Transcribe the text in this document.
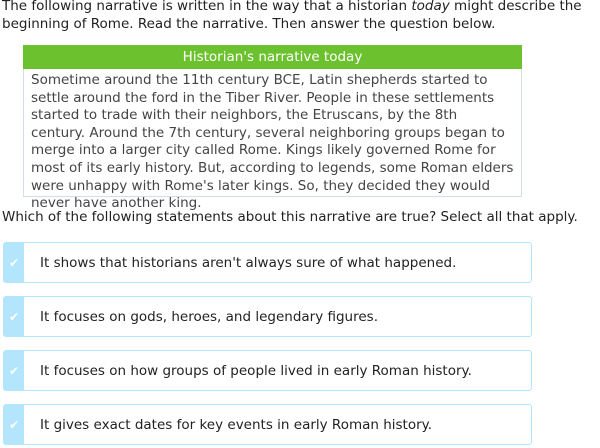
The following narrative is written in the way that a historian today might describe the beginning of Rome. Read the narrative. Then answer the question below.
Historian's narrative today
Sometime around the 11th century BCE, Latin shepherds started to settle around the ford in the Tiber River. People in these settlements started to trade with their neighbors, the Etruscans, by the 8th century. Around the 7th century, several neighboring groups began to merge into a larger city called Rome. Kings likely governed Rome for most of its early history. But, according to legends, some Roman elders were unhappy with Rome's later kings. So, they decided they would never have another king.
Which of the following statements about this narrative are true? Select all that apply.
✔	It shows that historians aren't always sure of what happened.
✔	It focuses on gods, heroes, and legendary figures.
✔	It focuses on how groups of people lived in early Roman history.
✔	It gives exact dates for key events in early Roman history.
